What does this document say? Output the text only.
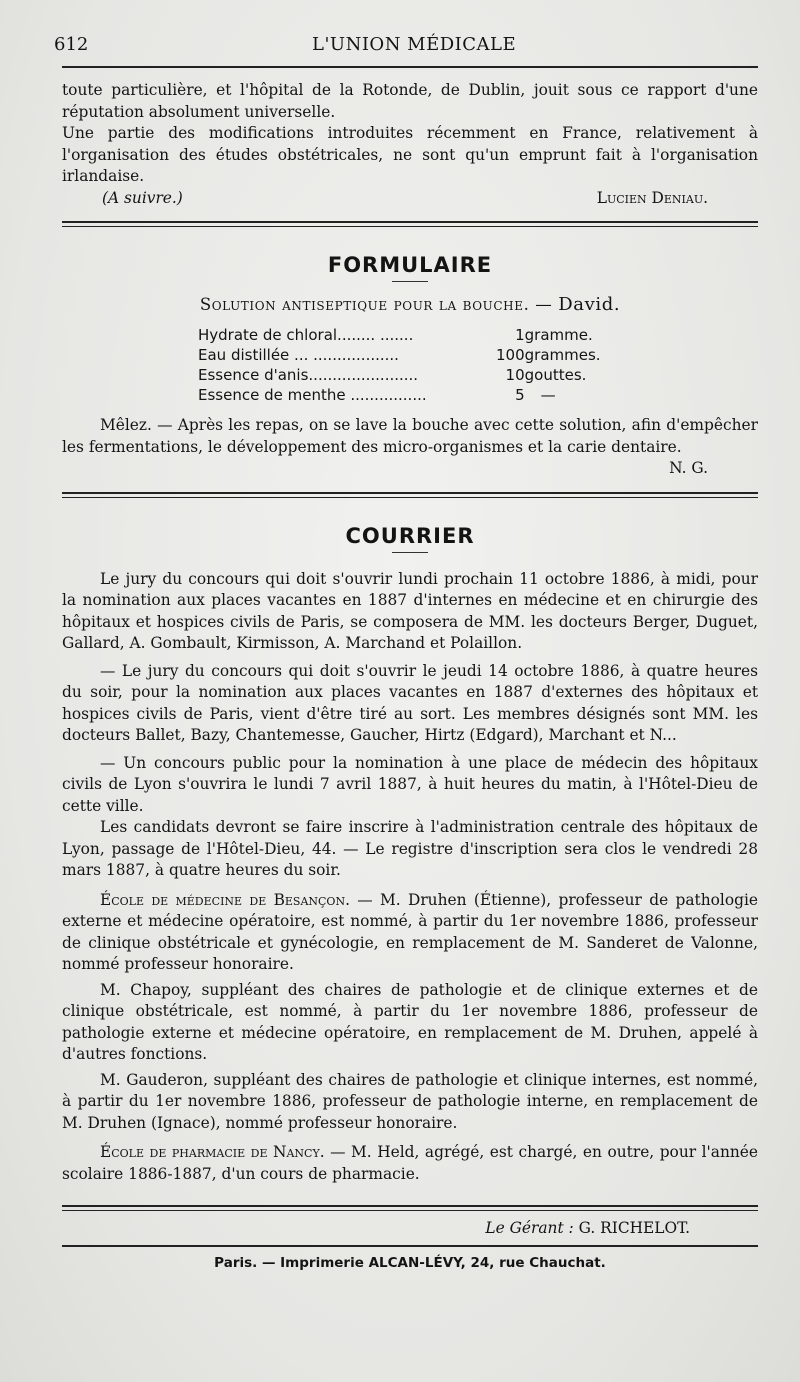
612	L'UNION MÉDICALE

toute particulière, et l'hôpital de la Rotonde, de Dublin, jouit sous ce rapport d'une réputation absolument universelle.

Une partie des modifications introduites récemment en France, relativement à l'organisation des études obstétricales, ne sont qu'un emprunt fait à l'organisation irlandaise.

(A suivre.)	Lucien Deniau.

FORMULAIRE
Solution antiseptique pour la bouche. — David.
Hydrate de chloral........ .......	1	gramme.
Eau distillée ... ..................	100	grammes.
Essence d'anis.......................	10	gouttes.
Essence de menthe ................	5	—

Mêlez. — Après les repas, on se lave la bouche avec cette solution, afin d'empêcher les fermentations, le développement des micro-organismes et la carie dentaire.

N. G.

COURRIER

Le jury du concours qui doit s'ouvrir lundi prochain 11 octobre 1886, à midi, pour la nomination aux places vacantes en 1887 d'internes en médecine et en chirurgie des hôpitaux et hospices civils de Paris, se composera de MM. les docteurs Berger, Duguet, Gallard, A. Gombault, Kirmisson, A. Marchand et Polaillon.

— Le jury du concours qui doit s'ouvrir le jeudi 14 octobre 1886, à quatre heures du soir, pour la nomination aux places vacantes en 1887 d'externes des hôpitaux et hospices civils de Paris, vient d'être tiré au sort. Les membres désignés sont MM. les docteurs Ballet, Bazy, Chantemesse, Gaucher, Hirtz (Edgard), Marchant et N...

— Un concours public pour la nomination à une place de médecin des hôpitaux civils de Lyon s'ouvrira le lundi 7 avril 1887, à huit heures du matin, à l'Hôtel-Dieu de cette ville.

Les candidats devront se faire inscrire à l'administration centrale des hôpitaux de Lyon, passage de l'Hôtel-Dieu, 44. — Le registre d'inscription sera clos le vendredi 28 mars 1887, à quatre heures du soir.

École de médecine de Besançon. — M. Druhen (Étienne), professeur de pathologie externe et médecine opératoire, est nommé, à partir du 1er novembre 1886, professeur de clinique obstétricale et gynécologie, en remplacement de M. Sanderet de Valonne, nommé professeur honoraire.

M. Chapoy, suppléant des chaires de pathologie et de clinique externes et de clinique obstétricale, est nommé, à partir du 1er novembre 1886, professeur de pathologie externe et médecine opératoire, en remplacement de M. Druhen, appelé à d'autres fonctions.

M. Gauderon, suppléant des chaires de pathologie et clinique internes, est nommé, à partir du 1er novembre 1886, professeur de pathologie interne, en remplacement de M. Druhen (Ignace), nommé professeur honoraire.

École de pharmacie de Nancy. — M. Held, agrégé, est chargé, en outre, pour l'année scolaire 1886-1887, d'un cours de pharmacie.

Le Gérant : G. RICHELOT.
Paris. — Imprimerie ALCAN-LÉVY, 24, rue Chauchat.
